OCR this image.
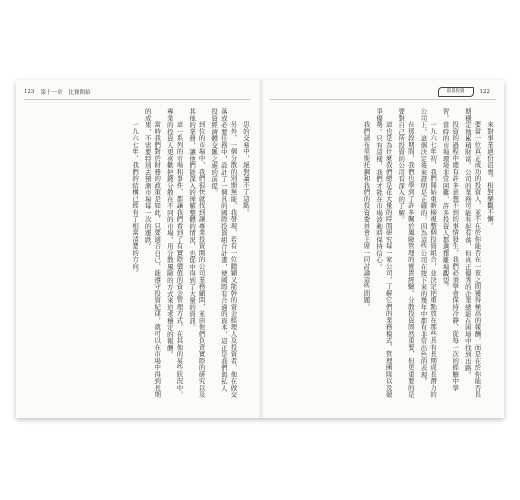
123 第十一章 比賽開始	前景投資	122

思的交易中，絕對讀不了這點。

另外，一個分散的別期無能，我發現，若有一位聰穎又能幹的資金經理人及投資者，他在做交落或必要任務中，設計了一個具的國際投資組合計畫，使國際有合適的資本，這正是我們與私人投資經濟體交匯之處的前提。

到位的市場中，我們很快就找到讓專業投資圈的公司業務顧問，並由他們負責實際的研究以及其他的業務，讓他們能深入的理解整體的情況，也從中得到了大量的資訊。

這一系列的市場和事件，都讓我們看到了有實際價值的資金管理方式。在其他的某些狀況中，專業的投資人更喜歡把錢分散在不同的市場，用分散風險的方式來追求穩定的報酬。

當時我們對於財務的政策是如此，只要適合自己，能遵守投資紀律，就可以在市場中得到長期的成果，不需要特別去預測市場每一次的漲跌。

一九六七年，我們的結構已經有了相當清楚的方向。	來對事業過份沮喪。相對樂觀不懈。

要當一位真正成功的投資人，並不在於你能否在一夜之間獲得極高的報酬，而是在於你能否長期穩定地累積財富。公司的業務可能有起有落，但真正優秀的企業總能在困境中找到出路。

投資的過程中總有許多意想不到的事情發生，我們必須學會保持冷靜，從每一次的經驗中學習。當時的市場環境非常困難，許多投資人都選擇離場觀望。

一九六七年初，我們開始重新檢視整個投資組合，並決定把重點放在那些具有長期成長潛力的公司上。這個決定後來證明是正確的，因為這些公司在接下來的幾年中都有非常出色的表現。

在那段期間，我們也學到了許多關於風險管理的寶貴經驗。分散投資固然重要，但更重要的是要對自己所投資的公司有深入的了解。

這也是為什麼我們總是花大量的時間研究每一家公司，了解它們的業務模式、管理團隊以及競爭優勢。只有這樣，我們才能在市場波動時保持信心。

我們請布里斯托鋼和我們的投資委員會主席一同討論這些問題。
